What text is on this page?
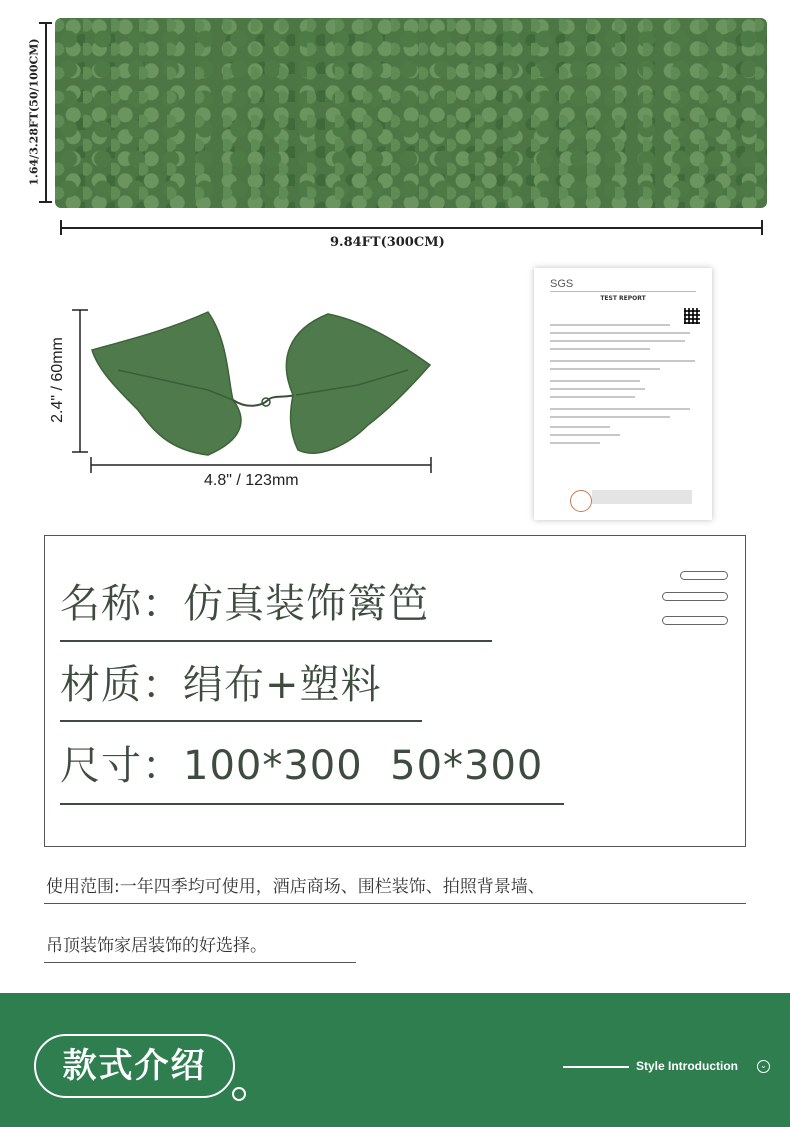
1.64/3.28FT(50/100CM)
9.84FT(300CM)
2.4" / 60mm
4.8" / 123mm
SGS
TEST REPORT
名称：仿真装饰篱笆
材质：绢布+塑料
尺寸：100*300  50*300
使用范围:一年四季均可使用，酒店商场、围栏装饰、拍照背景墙、
吊顶装饰家居装饰的好选择。
款式介绍	Style Introduction	⌄
